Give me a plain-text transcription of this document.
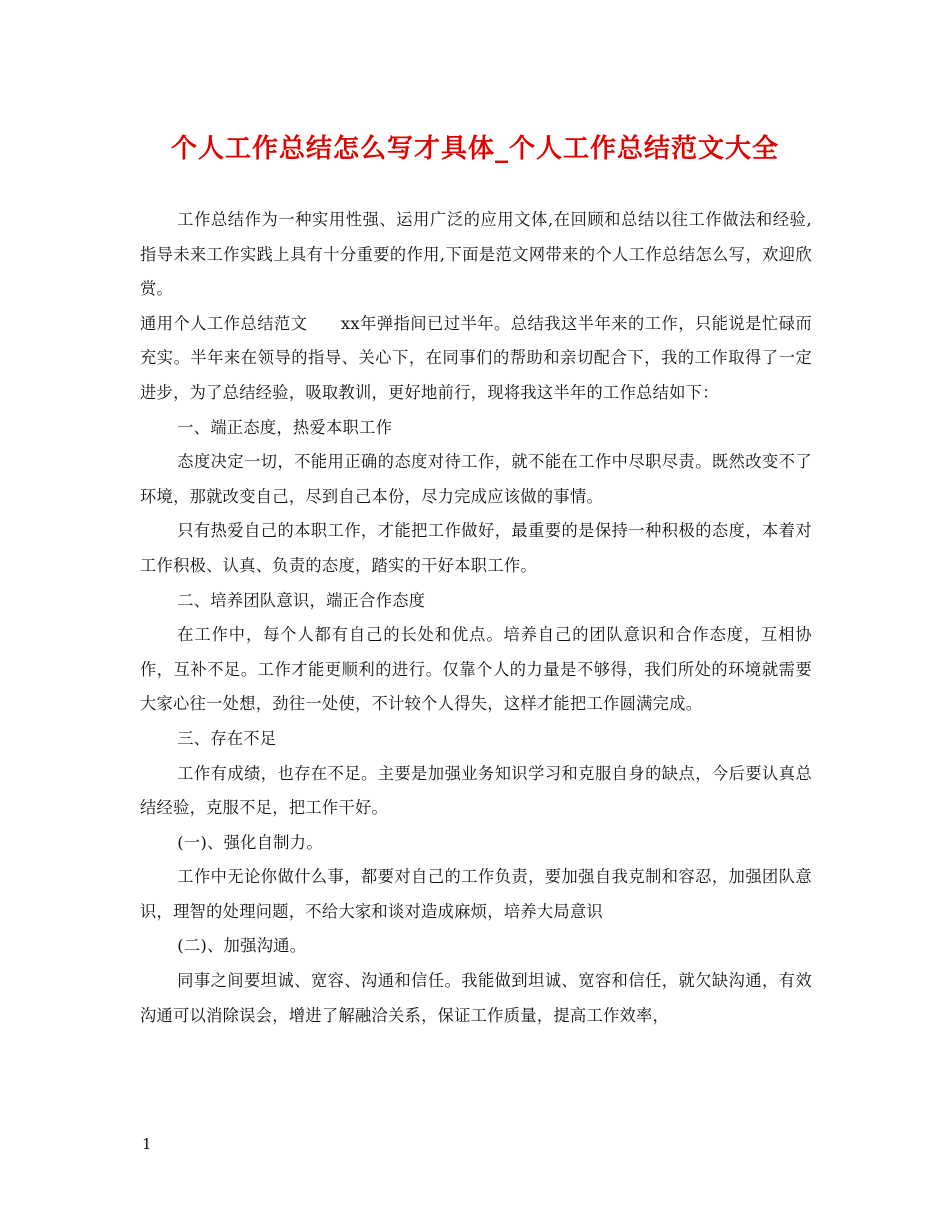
个人工作总结怎么写才具体_个人工作总结范文大全

工作总结作为一种实用性强、运用广泛的应用文体,在回顾和总结以往工作做法和经验,指导未来工作实践上具有十分重要的作用,下面是范文网带来的个人工作总结怎么写，欢迎欣赏。

通用个人工作总结范文　　xx年弹指间已过半年。总结我这半年来的工作，只能说是忙碌而充实。半年来在领导的指导、关心下，在同事们的帮助和亲切配合下，我的工作取得了一定进步，为了总结经验，吸取教训，更好地前行，现将我这半年的工作总结如下：

一、端正态度，热爱本职工作

态度决定一切，不能用正确的态度对待工作，就不能在工作中尽职尽责。既然改变不了环境，那就改变自己，尽到自己本份，尽力完成应该做的事情。

只有热爱自己的本职工作，才能把工作做好，最重要的是保持一种积极的态度，本着对工作积极、认真、负责的态度，踏实的干好本职工作。

二、培养团队意识，端正合作态度

在工作中，每个人都有自己的长处和优点。培养自己的团队意识和合作态度，互相协作，互补不足。工作才能更顺利的进行。仅靠个人的力量是不够得，我们所处的环境就需要大家心往一处想，劲往一处使，不计较个人得失，这样才能把工作圆满完成。

三、存在不足

工作有成绩，也存在不足。主要是加强业务知识学习和克服自身的缺点，今后要认真总结经验，克服不足，把工作干好。

(一)、强化自制力。

工作中无论你做什么事，都要对自己的工作负责，要加强自我克制和容忍，加强团队意识，理智的处理问题，不给大家和谈对造成麻烦，培养大局意识

(二)、加强沟通。

同事之间要坦诚、宽容、沟通和信任。我能做到坦诚、宽容和信任，就欠缺沟通，有效沟通可以消除误会，增进了解融洽关系，保证工作质量，提高工作效率，

1
